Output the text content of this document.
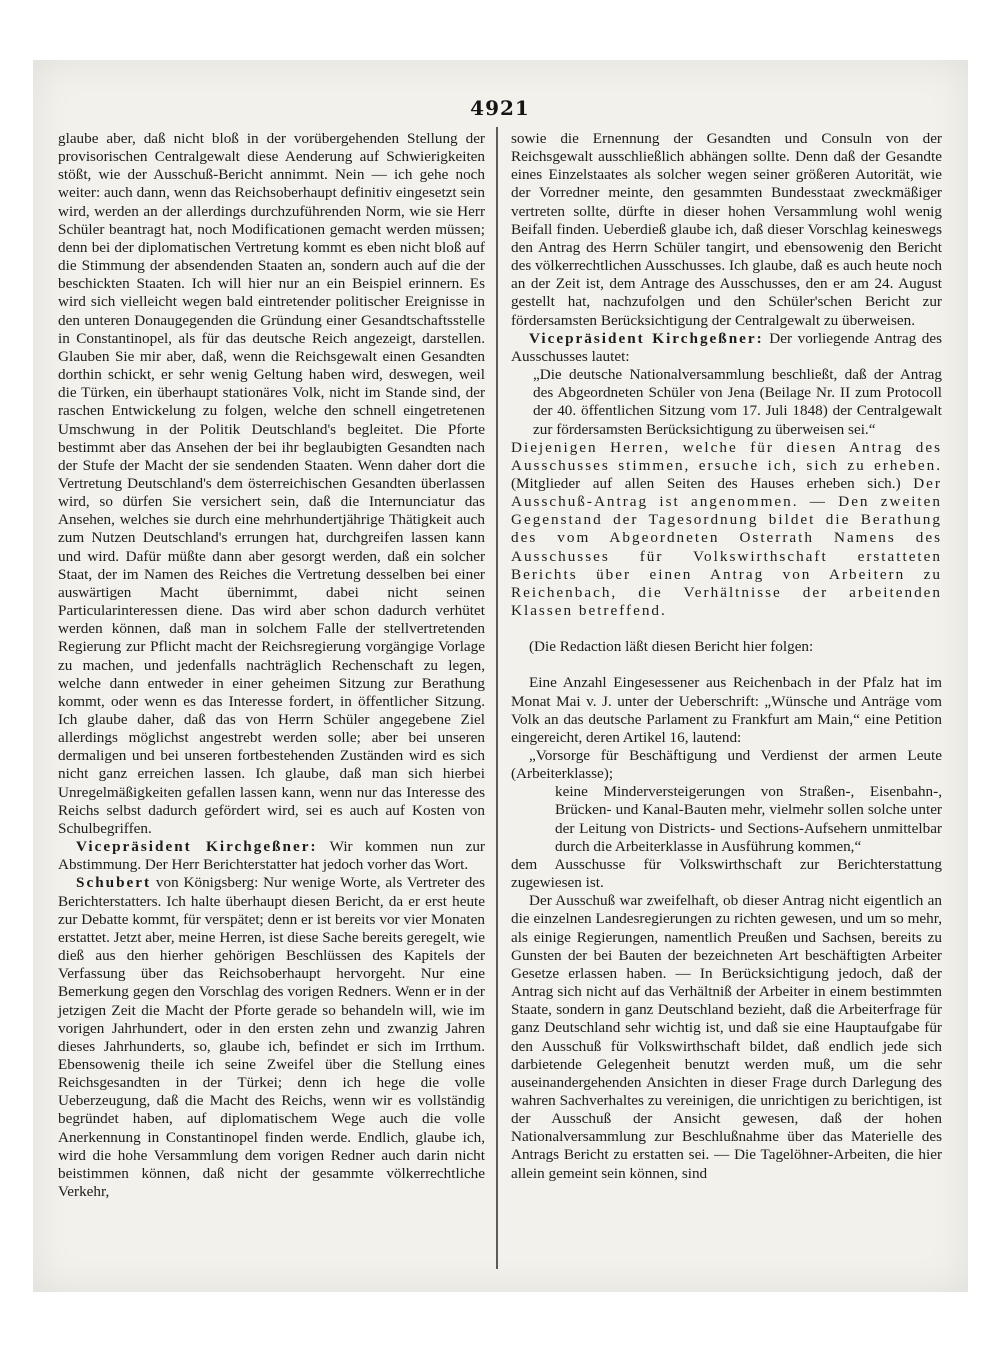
4921

glaube aber, daß nicht bloß in der vorübergehenden Stellung der provisorischen Centralgewalt diese Aenderung auf Schwierigkeiten stößt, wie der Ausschuß-Bericht annimmt. Nein — ich gehe noch weiter: auch dann, wenn das Reichsoberhaupt definitiv eingesetzt sein wird, werden an der allerdings durchzuführenden Norm, wie sie Herr Schüler beantragt hat, noch Modificationen gemacht werden müssen; denn bei der diplomatischen Vertretung kommt es eben nicht bloß auf die Stimmung der absendenden Staaten an, sondern auch auf die der beschickten Staaten. Ich will hier nur an ein Beispiel erinnern. Es wird sich vielleicht wegen bald eintretender politischer Ereignisse in den unteren Donaugegenden die Gründung einer Gesandtschaftsstelle in Constantinopel, als für das deutsche Reich angezeigt, darstellen. Glauben Sie mir aber, daß, wenn die Reichsgewalt einen Gesandten dorthin schickt, er sehr wenig Geltung haben wird, deswegen, weil die Türken, ein überhaupt stationäres Volk, nicht im Stande sind, der raschen Entwickelung zu folgen, welche den schnell eingetretenen Umschwung in der Politik Deutschland's begleitet. Die Pforte bestimmt aber das Ansehen der bei ihr beglaubigten Gesandten nach der Stufe der Macht der sie sendenden Staaten. Wenn daher dort die Vertretung Deutschland's dem österreichischen Gesandten überlassen wird, so dürfen Sie versichert sein, daß die Internunciatur das Ansehen, welches sie durch eine mehrhundertjährige Thätigkeit auch zum Nutzen Deutschland's errungen hat, durchgreifen lassen kann und wird. Dafür müßte dann aber gesorgt werden, daß ein solcher Staat, der im Namen des Reiches die Vertretung desselben bei einer auswärtigen Macht übernimmt, dabei nicht seinen Particularinteressen diene. Das wird aber schon dadurch verhütet werden können, daß man in solchem Falle der stellvertretenden Regierung zur Pflicht macht der Reichsregierung vorgängige Vorlage zu machen, und jedenfalls nachträglich Rechenschaft zu legen, welche dann entweder in einer geheimen Sitzung zur Berathung kommt, oder wenn es das Interesse fordert, in öffentlicher Sitzung. Ich glaube daher, daß das von Herrn Schüler angegebene Ziel allerdings möglichst angestrebt werden solle; aber bei unseren dermaligen und bei unseren fortbestehenden Zuständen wird es sich nicht ganz erreichen lassen. Ich glaube, daß man sich hierbei Unregelmäßigkeiten gefallen lassen kann, wenn nur das Interesse des Reichs selbst dadurch gefördert wird, sei es auch auf Kosten von Schulbegriffen.

Vicepräsident Kirchgeßner: Wir kommen nun zur Abstimmung. Der Herr Berichterstatter hat jedoch vorher das Wort.

Schubert von Königsberg: Nur wenige Worte, als Vertreter des Berichterstatters. Ich halte überhaupt diesen Bericht, da er erst heute zur Debatte kommt, für verspätet; denn er ist bereits vor vier Monaten erstattet. Jetzt aber, meine Herren, ist diese Sache bereits geregelt, wie dieß aus den hierher gehörigen Beschlüssen des Kapitels der Verfassung über das Reichsoberhaupt hervorgeht. Nur eine Bemerkung gegen den Vorschlag des vorigen Redners. Wenn er in der jetzigen Zeit die Macht der Pforte gerade so behandeln will, wie im vorigen Jahrhundert, oder in den ersten zehn und zwanzig Jahren dieses Jahrhunderts, so, glaube ich, befindet er sich im Irrthum. Ebensowenig theile ich seine Zweifel über die Stellung eines Reichsgesandten in der Türkei; denn ich hege die volle Ueberzeugung, daß die Macht des Reichs, wenn wir es vollständig begründet haben, auf diplomatischem Wege auch die volle Anerkennung in Constantinopel finden werde. Endlich, glaube ich, wird die hohe Versammlung dem vorigen Redner auch darin nicht beistimmen können, daß nicht der gesammte völkerrechtliche Verkehr,

sowie die Ernennung der Gesandten und Consuln von der Reichsgewalt ausschließlich abhängen sollte. Denn daß der Gesandte eines Einzelstaates als solcher wegen seiner größeren Autorität, wie der Vorredner meinte, den gesammten Bundesstaat zweckmäßiger vertreten sollte, dürfte in dieser hohen Versammlung wohl wenig Beifall finden. Ueberdieß glaube ich, daß dieser Vorschlag keineswegs den Antrag des Herrn Schüler tangirt, und ebensowenig den Bericht des völkerrechtlichen Ausschusses. Ich glaube, daß es auch heute noch an der Zeit ist, dem Antrage des Ausschusses, den er am 24. August gestellt hat, nachzufolgen und den Schüler'schen Bericht zur fördersamsten Berücksichtigung der Centralgewalt zu überweisen.

Vicepräsident Kirchgeßner: Der vorliegende Antrag des Ausschusses lautet:

„Die deutsche Nationalversammlung beschließt, daß der Antrag des Abgeordneten Schüler von Jena (Beilage Nr. II zum Protocoll der 40. öffentlichen Sitzung vom 17. Juli 1848) der Centralgewalt zur fördersamsten Berücksichtigung zu überweisen sei.“

Diejenigen Herren, welche für diesen Antrag des Ausschusses stimmen, ersuche ich, sich zu erheben. (Mitglieder auf allen Seiten des Hauses erheben sich.) Der Ausschuß-Antrag ist angenommen. — Den zweiten Gegenstand der Tagesordnung bildet die Berathung des vom Abgeordneten Osterrath Namens des Ausschusses für Volkswirthschaft erstatteten Berichts über einen Antrag von Arbeitern zu Reichenbach, die Verhältnisse der arbeitenden Klassen betreffend.

(Die Redaction läßt diesen Bericht hier folgen:

Eine Anzahl Eingesessener aus Reichenbach in der Pfalz hat im Monat Mai v. J. unter der Ueberschrift: „Wünsche und Anträge vom Volk an das deutsche Parlament zu Frankfurt am Main,“ eine Petition eingereicht, deren Artikel 16, lautend:

„Vorsorge für Beschäftigung und Verdienst der armen Leute (Arbeiterklasse);

keine Minderversteigerungen von Straßen-, Eisenbahn-, Brücken- und Kanal-Bauten mehr, vielmehr sollen solche unter der Leitung von Districts- und Sections-Aufsehern unmittelbar durch die Arbeiterklasse in Ausführung kommen,“

dem Ausschusse für Volkswirthschaft zur Berichterstattung zugewiesen ist.

Der Ausschuß war zweifelhaft, ob dieser Antrag nicht eigentlich an die einzelnen Landesregierungen zu richten gewesen, und um so mehr, als einige Regierungen, namentlich Preußen und Sachsen, bereits zu Gunsten der bei Bauten der bezeichneten Art beschäftigten Arbeiter Gesetze erlassen haben. — In Berücksichtigung jedoch, daß der Antrag sich nicht auf das Verhältniß der Arbeiter in einem bestimmten Staate, sondern in ganz Deutschland bezieht, daß die Arbeiterfrage für ganz Deutschland sehr wichtig ist, und daß sie eine Hauptaufgabe für den Ausschuß für Volkswirthschaft bildet, daß endlich jede sich darbietende Gelegenheit benutzt werden muß, um die sehr auseinandergehenden Ansichten in dieser Frage durch Darlegung des wahren Sachverhaltes zu vereinigen, die unrichtigen zu berichtigen, ist der Ausschuß der Ansicht gewesen, daß der hohen Nationalversammlung zur Beschlußnahme über das Materielle des Antrags Bericht zu erstatten sei. — Die Tagelöhner-Arbeiten, die hier allein gemeint sein können, sind
